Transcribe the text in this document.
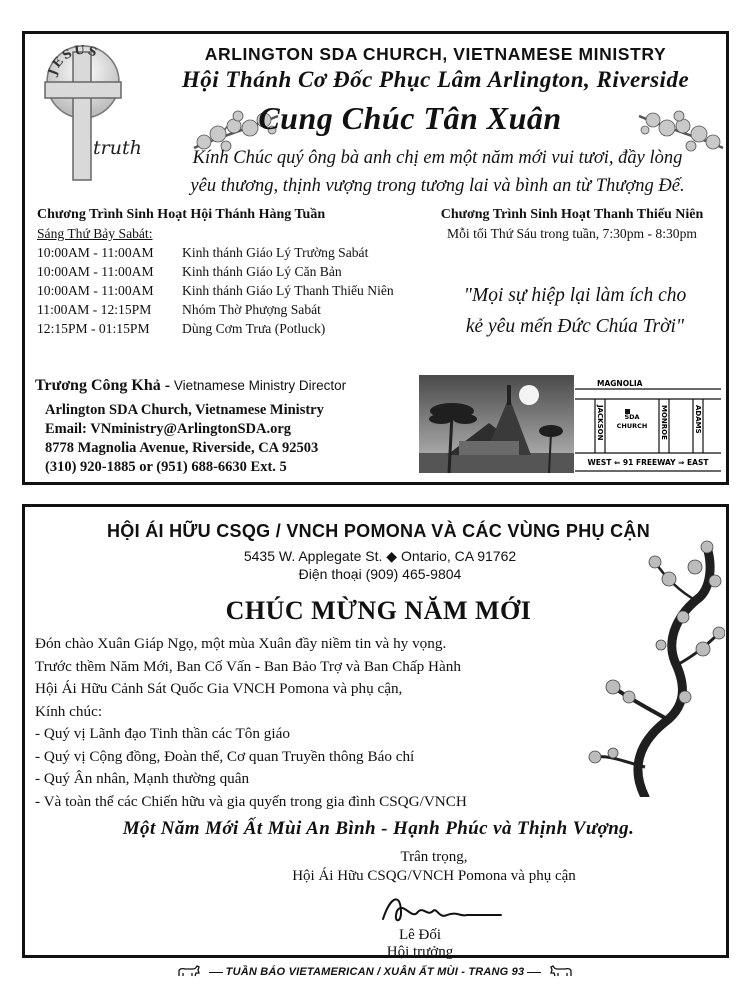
JESUS
truth
ARLINGTON SDA CHURCH, VIETNAMESE MINISTRY
Hội Thánh Cơ Đốc Phục Lâm Arlington, Riverside
Cung Chúc Tân Xuân
Kính Chúc quý ông bà anh chị em một năm mới vui tươi, đầy lòng
yêu thương, thịnh vượng trong tương lai và bình an từ Thượng Đế.
Chương Trình Sinh Hoạt Hội Thánh Hàng Tuần
Sáng Thứ Bảy Sabát:
10:00AM - 11:00AM	Kinh thánh Giáo Lý Trường Sabát
10:00AM - 11:00AM	Kinh thánh Giáo Lý Căn Bản
10:00AM - 11:00AM	Kinh thánh Giáo Lý Thanh Thiếu Niên
11:00AM - 12:15PM	Nhóm Thờ Phượng Sabát
12:15PM - 01:15PM	Dùng Cơm Trưa (Potluck)
Chương Trình Sinh Hoạt Thanh Thiếu Niên
Mỗi tối Thứ Sáu trong tuần, 7:30pm - 8:30pm
"Mọi sự hiệp lại làm ích cho
kẻ yêu mến Đức Chúa Trời"
Trương Công Khả - Vietnamese Ministry Director
Arlington SDA Church, Vietnamese Ministry
Email: VNministry@ArlingtonSDA.org
8778 Magnolia Avenue, Riverside, CA 92503
(310) 920-1885 or (951) 688-6630 Ext. 5
MAGNOLIA
JACKSON	MONROE	ADAMS
SDA
CHURCH
WEST ⇐ 91 FREEWAY ⇒ EAST
HỘI ÁI HỮU CSQG / VNCH POMONA VÀ CÁC VÙNG PHỤ CẬN
5435 W. Applegate St. ◆ Ontario, CA 91762
Điện thoại (909) 465-9804
CHÚC MỪNG NĂM MỚI
Đón chào Xuân Giáp Ngọ, một mùa Xuân đầy niềm tin và hy vọng.
Trước thềm Năm Mới, Ban Cố Vấn - Ban Bảo Trợ và Ban Chấp Hành
Hội Ái Hữu Cảnh Sát Quốc Gia VNCH Pomona và phụ cận,
Kính chúc:
- Quý vị Lãnh đạo Tinh thần các Tôn giáo
- Quý vị Cộng đồng, Đoàn thể, Cơ quan Truyền thông Báo chí
- Quý Ân nhân, Mạnh thường quân
- Và toàn thể các Chiến hữu và gia quyến trong gia đình CSQG/VNCH
Một Năm Mới Ất Mùi An Bình - Hạnh Phúc và Thịnh Vượng.
Trân trọng,
Hội Ái Hữu CSQG/VNCH Pomona và phụ cận
Lê Đối
Hội trưởng
TUẦN BÁO VIETAMERICAN / XUÂN ẤT MÙI - TRANG 93
